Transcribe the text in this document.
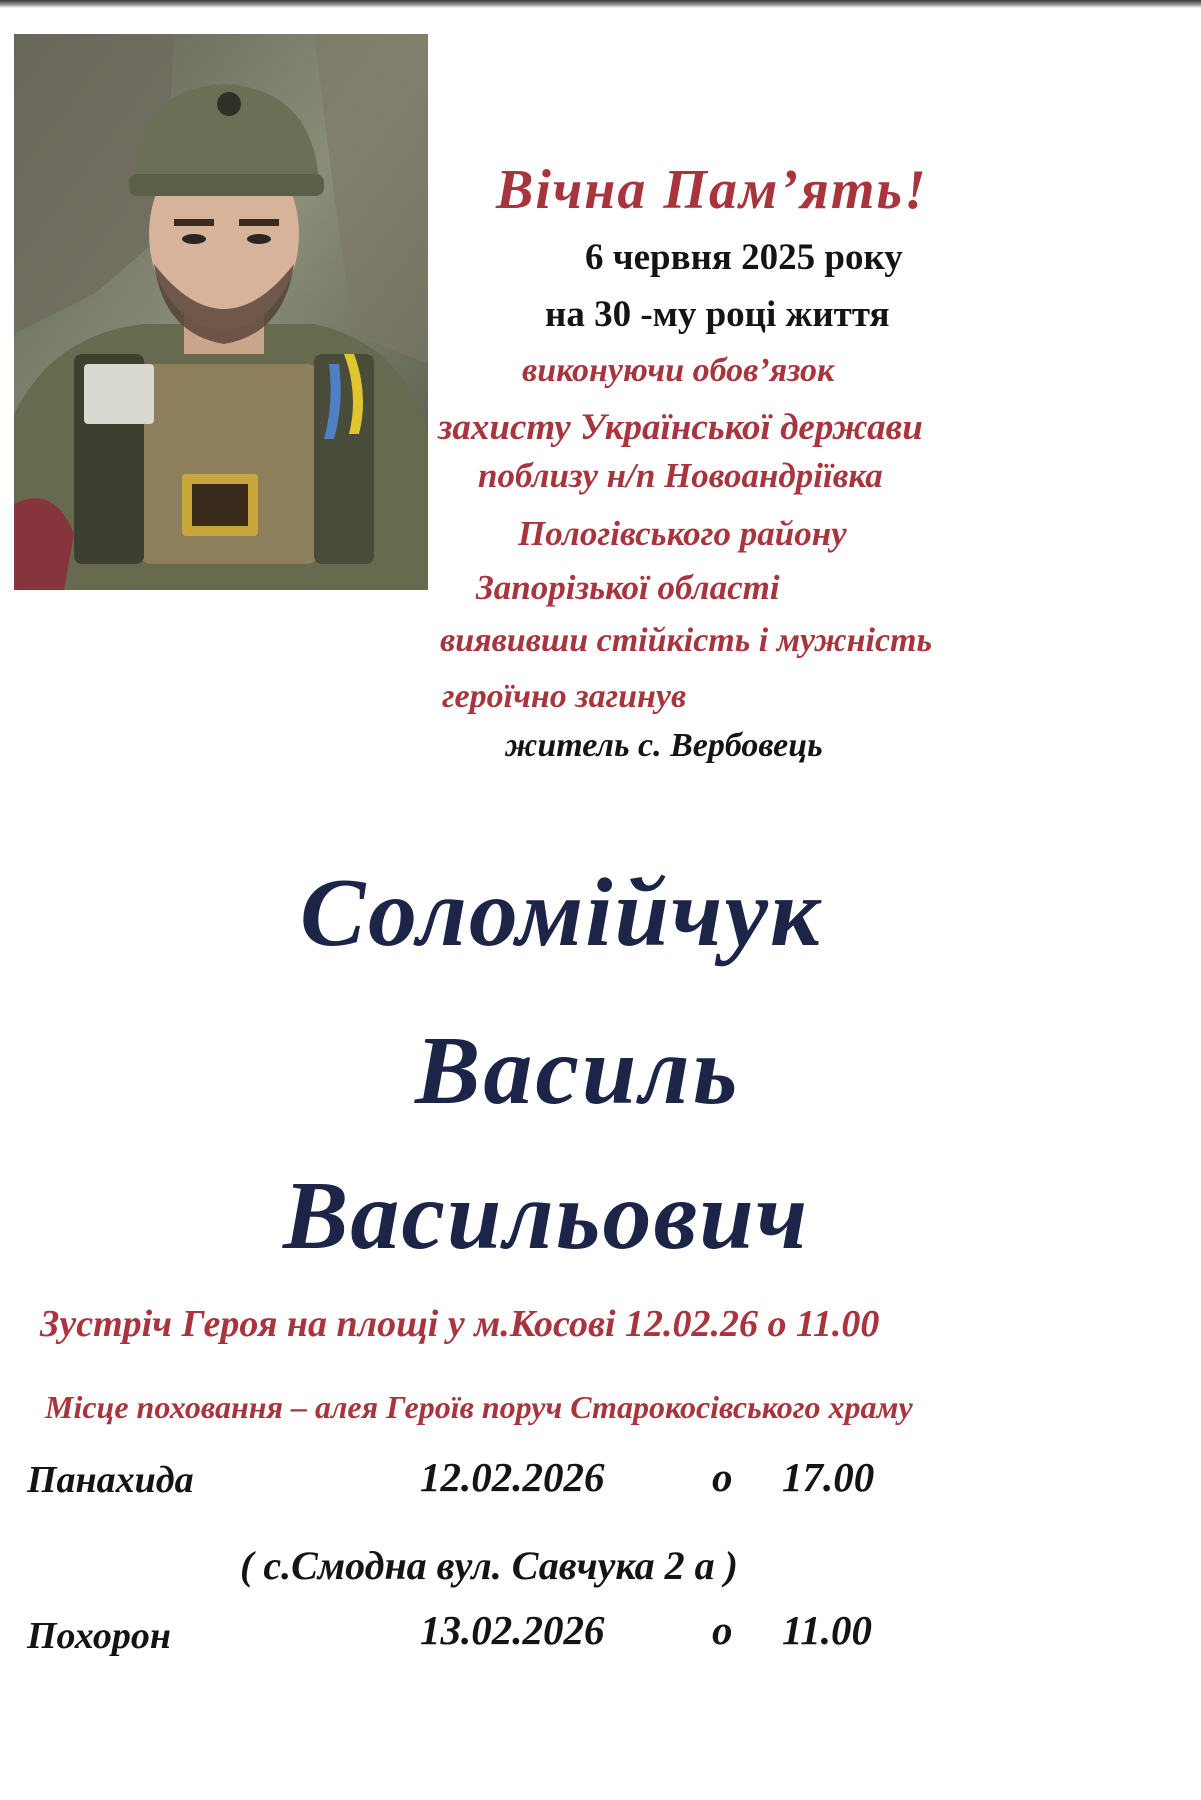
Вічна Пам’ять!
6 червня 2025 року
на 30 -му році життя
виконуючи обов’язок
захисту Української держави
поблизу н/п Новоандріївка
Пологівського району
Запорізької області
виявивши стійкість і мужність
героїчно загинув
житель с. Вербовець
Соломійчук
Василь
Васильович
Зустріч Героя на площі у м.Косові 12.02.26 о 11.00
Місце поховання – алея Героїв поруч Старокосівського храму
Панахида	12.02.2026	о 17.00
( с.Смодна вул. Савчука 2 а )
Похорон	13.02.2026	о 11.00
